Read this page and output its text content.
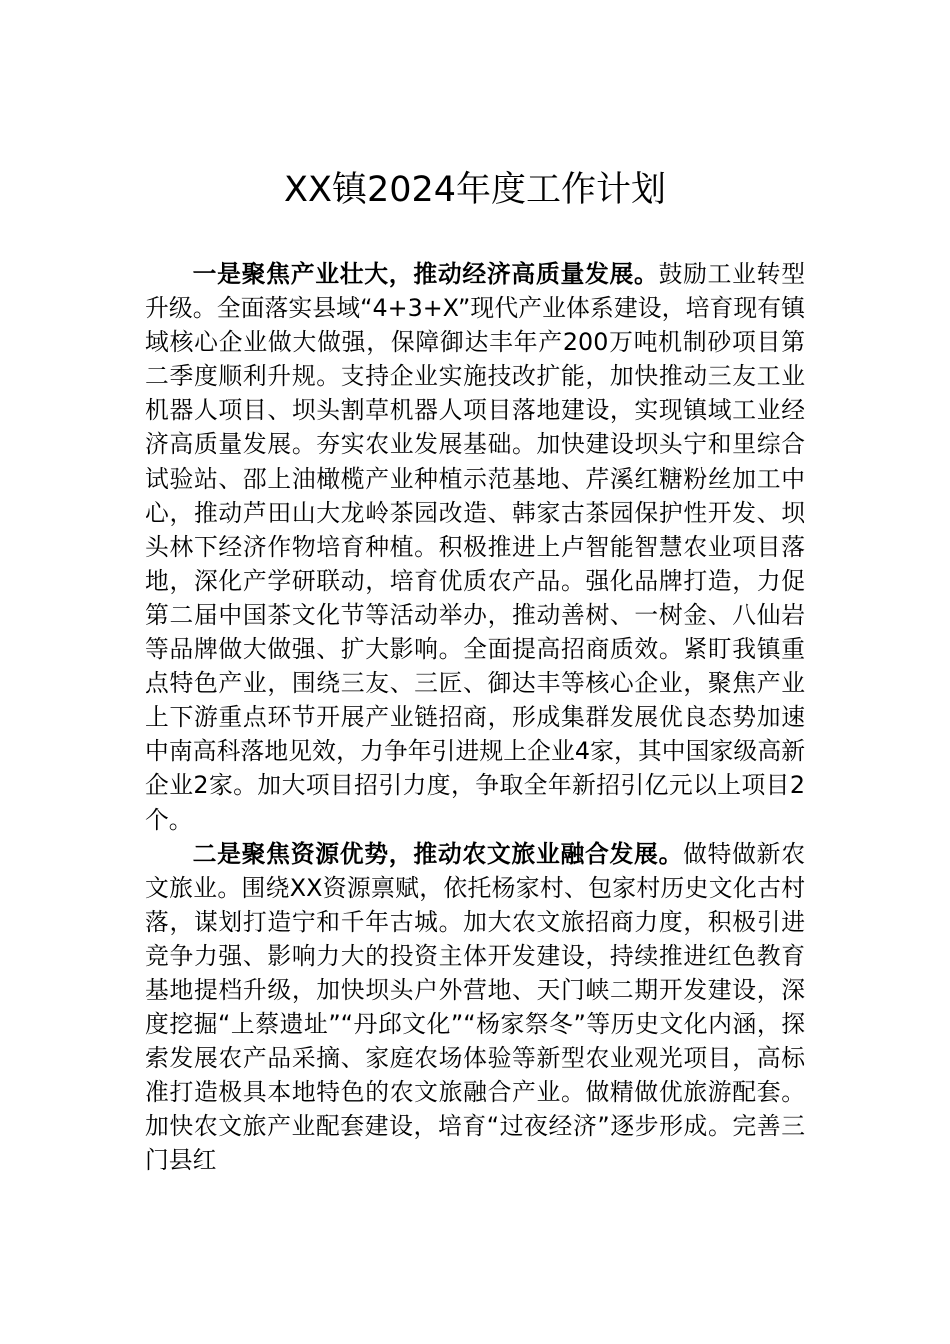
XX镇2024年度工作计划

一是聚焦产业壮大，推动经济高质量发展。鼓励工业转型升级。全面落实县域“4+3+X”现代产业体系建设，培育现有镇域核心企业做大做强，保障御达丰年产200万吨机制砂项目第二季度顺利升规。支持企业实施技改扩能，加快推动三友工业机器人项目、坝头割草机器人项目落地建设，实现镇域工业经济高质量发展。夯实农业发展基础。加快建设坝头宁和里综合试验站、邵上油橄榄产业种植示范基地、芹溪红糖粉丝加工中心，推动芦田山大龙岭茶园改造、韩家古茶园保护性开发、坝头林下经济作物培育种植。积极推进上卢智能智慧农业项目落地，深化产学研联动，培育优质农产品。强化品牌打造，力促第二届中国茶文化节等活动举办，推动善树、一树金、八仙岩等品牌做大做强、扩大影响。全面提高招商质效。紧盯我镇重点特色产业，围绕三友、三匠、御达丰等核心企业，聚焦产业上下游重点环节开展产业链招商，形成集群发展优良态势加速中南高科落地见效，力争年引进规上企业4家，其中国家级高新企业2家。加大项目招引力度，争取全年新招引亿元以上项目2个。

二是聚焦资源优势，推动农文旅业融合发展。做特做新农文旅业。围绕XX资源禀赋，依托杨家村、包家村历史文化古村落，谋划打造宁和千年古城。加大农文旅招商力度，积极引进竞争力强、影响力大的投资主体开发建设，持续推进红色教育基地提档升级，加快坝头户外营地、天门峡二期开发建设，深度挖掘“上蔡遗址”“丹邱文化”“杨家祭冬”等历史文化内涵，探索发展农产品采摘、家庭农场体验等新型农业观光项目，高标准打造极具本地特色的农文旅融合产业。做精做优旅游配套。加快农文旅产业配套建设，培育“过夜经济”逐步形成。完善三门县红
